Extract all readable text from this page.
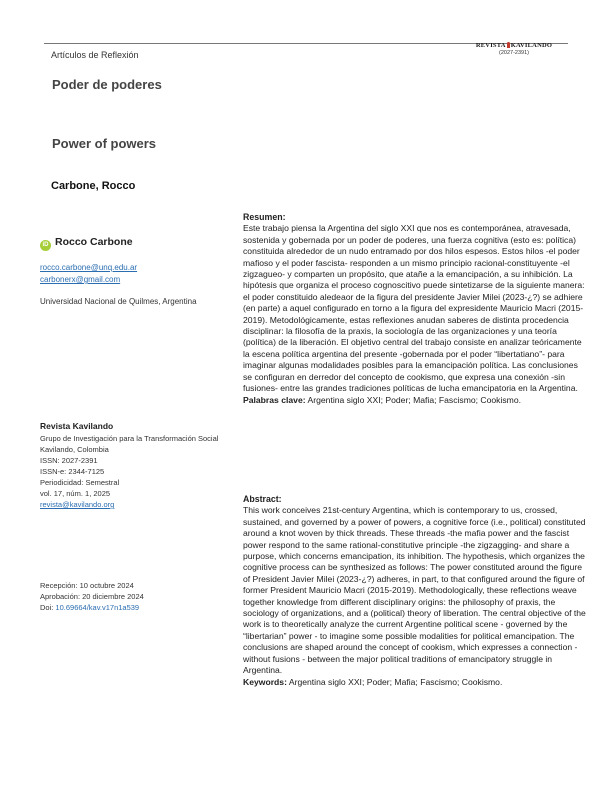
Artículos de Reflexión
REVISTA KAVILANDO
(2027-2391)
Poder de poderes
Power of powers
Carbone, Rocco
iD Rocco Carbone
rocco.carbone@unq.edu.ar
carbonerx@gmail.com
Universidad Nacional de Quilmes, Argentina
Revista Kavilando
Grupo de Investigación para la Transformación Social Kavilando, Colombia
ISSN: 2027-2391
ISSN-e: 2344-7125
Periodicidad: Semestral
vol. 17, núm. 1, 2025
revista@kavilando.org
Recepción: 10 octubre 2024
Aprobación: 20 diciembre 2024
Doi: 10.69664/kav.v17n1a539
Resumen:

Este trabajo piensa la Argentina del siglo XXI que nos es contemporánea, atravesada, sostenida y gobernada por un poder de poderes, una fuerza cognitiva (esto es: política) constituida alrededor de un nudo entramado por dos hilos espesos. Estos hilos -el poder mafioso y el poder fascista- responden a un mismo principio racional-constituyente -el zigzagueo- y comparten un propósito, que atañe a la emancipación, a su inhibición. La hipótesis que organiza el proceso cognoscitivo puede sintetizarse de la siguiente manera: el poder constituido aledeaor de la figura del presidente Javier Milei (2023-¿?) se adhiere (en parte) a aquel configurado en torno a la figura del expresidente Mauricio Macri (2015-2019). Metodológicamente, estas reflexiones anudan saberes de distinta procedencia disciplinar: la filosofía de la praxis, la sociología de las organizaciones y una teoría (política) de la liberación. El objetivo central del trabajo consiste en analizar teóricamente la escena política argentina del presente -gobernada por el poder “libertatiano”- para imaginar algunas modalidades posibles para la emancipación política. Las conclusiones se configuran en derredor del concepto de cookismo, que expresa una conexión -sin fusiones- entre las grandes tradiciones políticas de lucha emancipatoria en la Argentina.

Palabras clave: Argentina siglo XXI; Poder; Mafia; Fascismo; Cookismo.

Abstract:

This work conceives 21st-century Argentina, which is contemporary to us, crossed, sustained, and governed by a power of powers, a cognitive force (i.e., political) constituted around a knot woven by thick threads. These threads -the mafia power and the fascist power respond to the same rational-constitutive principle -the zigzagging- and share a purpose, which concerns emancipation, its inhibition. The hypothesis, which organizes the cognitive process can be synthesized as follows: The power constituted around the figure of President Javier Milei (2023-¿?) adheres, in part, to that configured around the figure of former President Mauricio Macri (2015-2019). Methodologically, these reflections weave together knowledge from different disciplinary origins: the philosophy of praxis, the sociology of organizations, and a (political) theory of liberation. The central objective of the work is to theoretically analyze the current Argentine political scene - governed by the “libertarian” power - to imagine some possible modalities for political emancipation. The conclusions are shaped around the concept of cookism, which expresses a connection - without fusions - between the major political traditions of emancipatory struggle in Argentina.

Keywords: Argentina siglo XXI; Poder; Mafia; Fascismo; Cookismo.
